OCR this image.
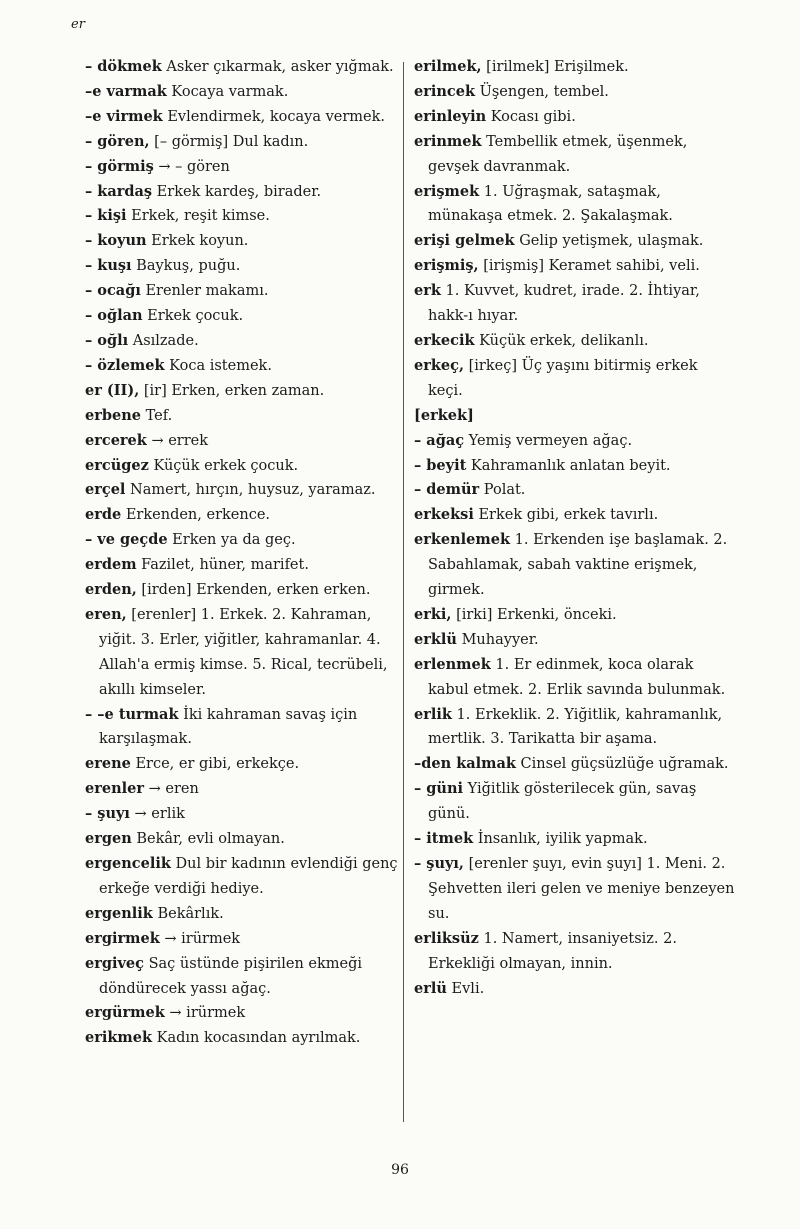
er

– dökmek Asker çıkarmak, asker yığmak.

–e varmak Kocaya varmak.

–e virmek Evlendirmek, kocaya vermek.

– gören, [– görmiş] Dul kadın.

– görmiş → – gören

– kardaş Erkek kardeş, birader.

– kişi Erkek, reşit kimse.

– koyun Erkek koyun.

– kuşı Baykuş, puğu.

– ocağı Erenler makamı.

– oğlan Erkek çocuk.

– oğlı Asılzade.

– özlemek Koca istemek.

er (II), [ir] Erken, erken zaman.

erbene Tef.

ercerek → errek

ercügez Küçük erkek çocuk.

erçel Namert, hırçın, huysuz, yaramaz.

erde Erkenden, erkence.

– ve geçde Erken ya da geç.

erdem Fazilet, hüner, marifet.

erden, [irden] Erkenden, erken erken.

eren, [erenler] 1. Erkek. 2. Kahraman, yiğit. 3. Erler, yiğitler, kahramanlar. 4. Allah'a ermiş kimse. 5. Rical, tecrübeli, akıllı kimseler.

– –e turmak İki kahraman savaş için karşılaşmak.

erene Erce, er gibi, erkekçe.

erenler → eren

– şuyı → erlik

ergen Bekâr, evli olmayan.

ergencelik Dul bir kadının evlendiği genç erkeğe verdiği hediye.

ergenlik Bekârlık.

ergirmek → irürmek

ergiveç Saç üstünde pişirilen ekmeği döndürecek yassı ağaç.

ergürmek → irürmek

erikmek Kadın kocasından ayrılmak.

erilmek, [irilmek] Erişilmek.

erincek Üşengen, tembel.

erinleyin Kocası gibi.

erinmek Tembellik etmek, üşenmek, gevşek davranmak.

erişmek 1. Uğraşmak, sataşmak, münakaşa etmek. 2. Şakalaşmak.

erişi gelmek Gelip yetişmek, ulaşmak.

erişmiş, [irişmiş] Keramet sahibi, veli.

erk 1. Kuvvet, kudret, irade. 2. İhtiyar, hakk-ı hıyar.

erkecik Küçük erkek, delikanlı.

erkeç, [irkeç] Üç yaşını bitirmiş erkek keçi.

[erkek]

– ağaç Yemiş vermeyen ağaç.

– beyit Kahramanlık anlatan beyit.

– demür Polat.

erkeksi Erkek gibi, erkek tavırlı.

erkenlemek 1. Erkenden işe başlamak. 2. Sabahlamak, sabah vaktine erişmek, girmek.

erki, [irki] Erkenki, önceki.

erklü Muhayyer.

erlenmek 1. Er edinmek, koca olarak kabul etmek. 2. Erlik savında bulunmak.

erlik 1. Erkeklik. 2. Yiğitlik, kahramanlık, mertlik. 3. Tarikatta bir aşama.

–den kalmak Cinsel güçsüzlüğe uğramak.

– güni Yiğitlik gösterilecek gün, savaş günü.

– itmek İnsanlık, iyilik yapmak.

– şuyı, [erenler şuyı, evin şuyı] 1. Meni. 2. Şehvetten ileri gelen ve meniye benzeyen su.

erliksüz 1. Namert, insaniyetsiz. 2. Erkekliği olmayan, innin.

erlü Evli.

96
